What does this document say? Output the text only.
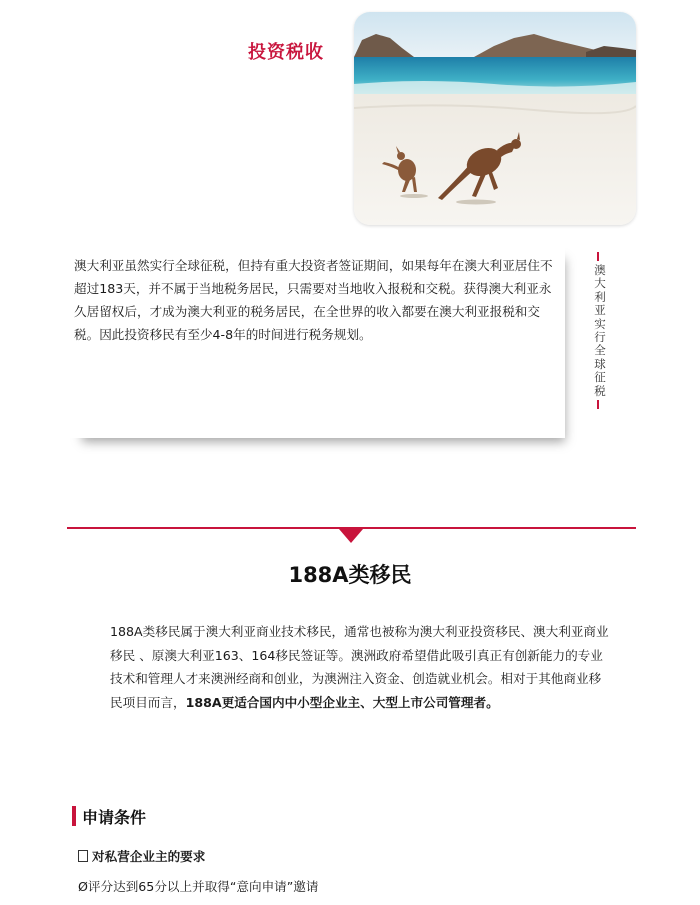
投资税收
澳大利亚虽然实行全球征税，但持有重大投资者签证期间，如果每年在澳大利亚居住不超过183天，并不属于当地税务居民，只需要对当地收入报税和交税。获得澳大利亚永久居留权后，才成为澳大利亚的税务居民，在全世界的收入都要在澳大利亚报税和交税。因此投资移民有至少4-8年的时间进行税务规划。
澳大利亚实行全球征税
188A类移民
188A类移民属于澳大利亚商业技术移民，通常也被称为澳大利亚投资移民、澳大利亚商业移民 、原澳大利亚163、164移民签证等。澳洲政府希望借此吸引真正有创新能力的专业技术和管理人才来澳洲经商和创业，为澳洲注入资金、创造就业机会。相对于其他商业移民项目而言，188A更适合国内中小型企业主、大型上市公司管理者。
申请条件
对私营企业主的要求
Ø评分达到65分以上并取得“意向申请”邀请
